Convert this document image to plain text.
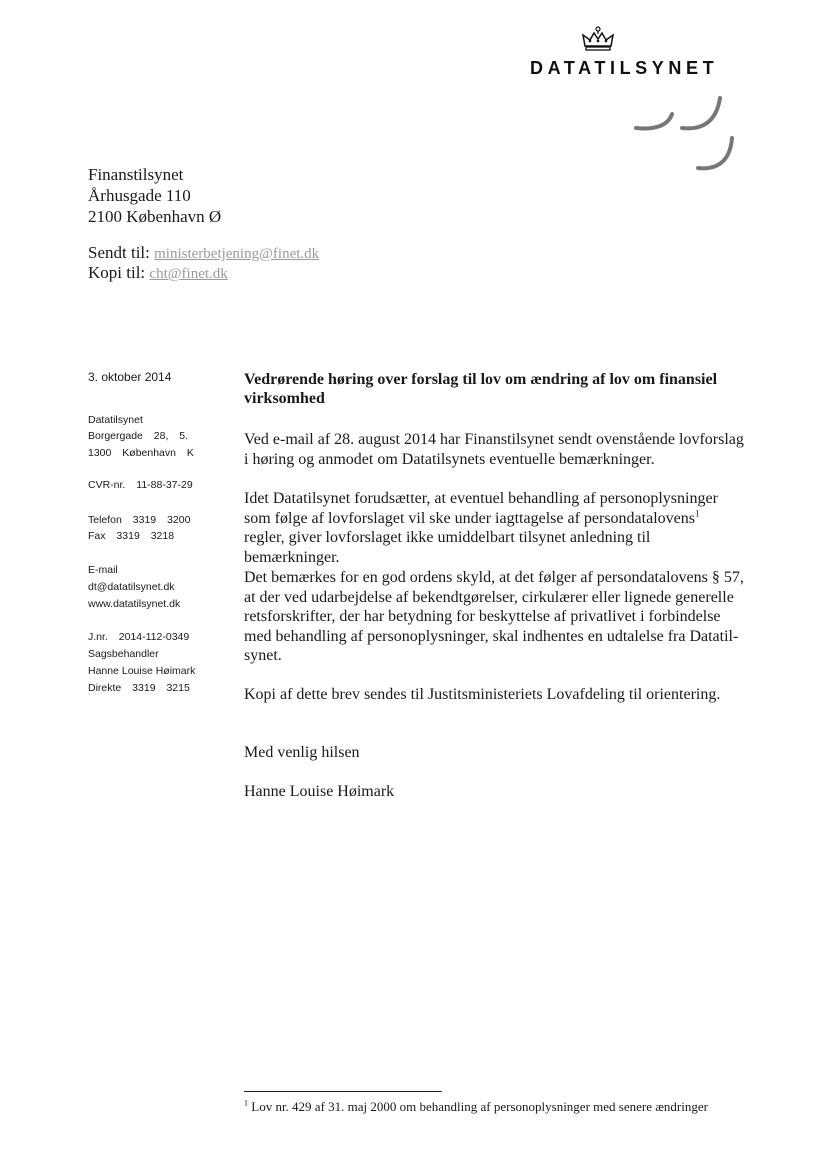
DATATILSYNET
Finanstilsynet
Århusgade 110
2100 København Ø
Sendt til: ministerbetjening@finet.dk
Kopi til: cht@finet.dk
3. oktober 2014
Datatilsynet
Borgergade 28, 5.
1300 København K
CVR-nr. 11-88-37-29
Telefon 3319 3200
Fax 3319 3218
E-mail
dt@datatilsynet.dk
www.datatilsynet.dk
J.nr. 2014-112-0349
Sagsbehandler
Hanne Louise Høimark
Direkte 3319 3215
Vedrørende høring over forslag til lov om ændring af lov om finansiel virksomhed

Ved e-mail af 28. august 2014 har Finanstilsynet sendt ovenstående lovforslag i høring og anmodet om Datatilsynets eventuelle bemærkninger.

Idet Datatilsynet forudsætter, at eventuel behandling af personoplysninger som følge af lovforslaget vil ske under iagttagelse af persondatalovens$^1$ regler, giver lovforslaget ikke umiddelbart tilsynet anledning til bemærkninger.

Det bemærkes for en god ordens skyld, at det følger af persondatalovens § 57, at der ved udarbejdelse af bekendtgørelser, cirkulærer eller lignede generelle retsforskrifter, der har betydning for beskyttelse af privatlivet i forbindelse med behandling af personoplysninger, skal indhentes en udtalelse fra Datatil-synet.

Kopi af dette brev sendes til Justitsministeriets Lovafdeling til orientering.

Med venlig hilsen
Hanne Louise Høimark
$^1$ Lov nr. 429 af 31. maj 2000 om behandling af personoplysninger med senere ændringer
